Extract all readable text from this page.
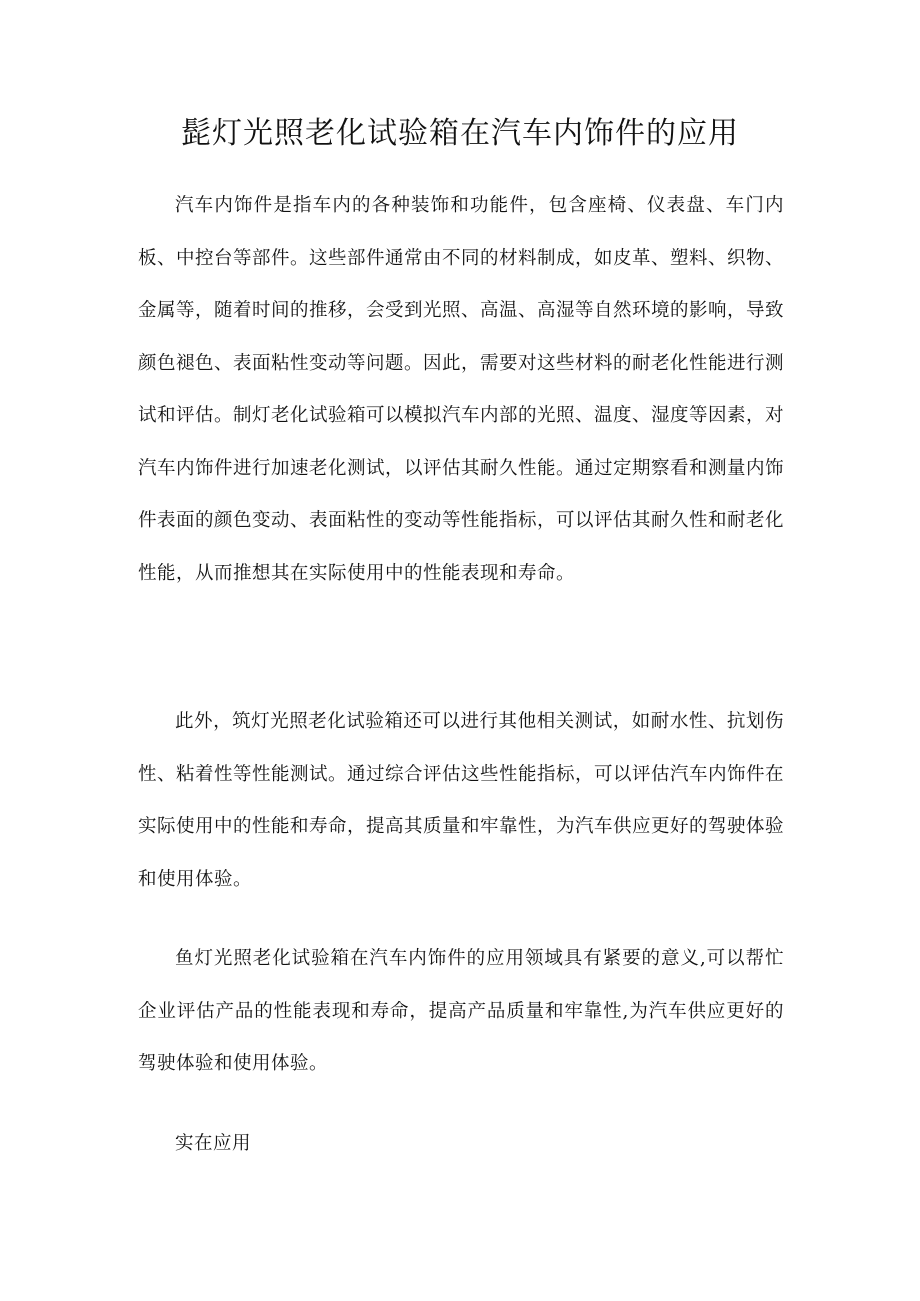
髭灯光照老化试验箱在汽车内饰件的应用

汽车内饰件是指车内的各种装饰和功能件，包含座椅、仪表盘、车门内板、中控台等部件。这些部件通常由不同的材料制成，如皮革、塑料、织物、金属等，随着时间的推移，会受到光照、高温、高湿等自然环境的影响，导致颜色褪色、表面粘性变动等问题。因此，需要对这些材料的耐老化性能进行测试和评估。制灯老化试验箱可以模拟汽车内部的光照、温度、湿度等因素，对汽车内饰件进行加速老化测试，以评估其耐久性能。通过定期察看和测量内饰件表面的颜色变动、表面粘性的变动等性能指标，可以评估其耐久性和耐老化性能，从而推想其在实际使用中的性能表现和寿命。

此外，筑灯光照老化试验箱还可以进行其他相关测试，如耐水性、抗划伤性、粘着性等性能测试。通过综合评估这些性能指标，可以评估汽车内饰件在实际使用中的性能和寿命，提高其质量和牢靠性，为汽车供应更好的驾驶体验和使用体验。

鱼灯光照老化试验箱在汽车内饰件的应用领域具有紧要的意义,可以帮忙企业评估产品的性能表现和寿命，提高产品质量和牢靠性,为汽车供应更好的驾驶体验和使用体验。

实在应用
